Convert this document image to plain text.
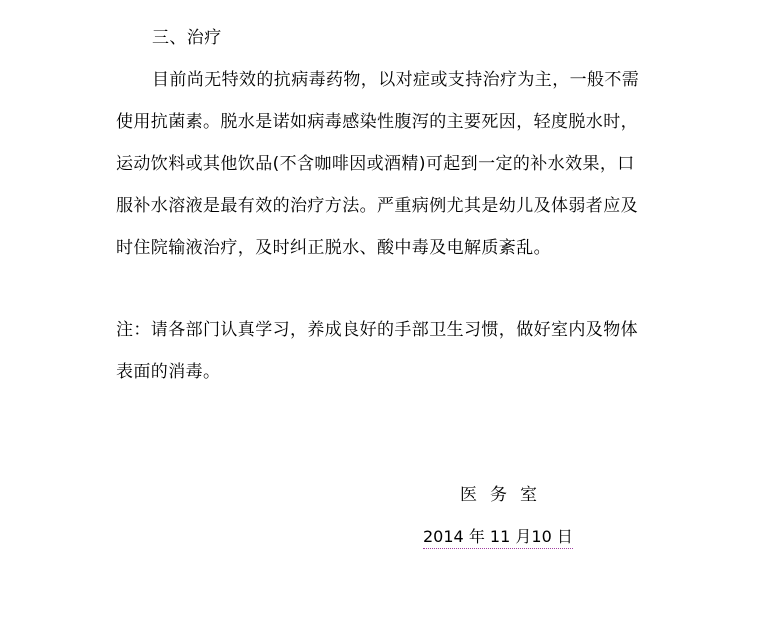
三、治疗
目前尚无特效的抗病毒药物，以对症或支持治疗为主，一般不需
使用抗菌素。脱水是诺如病毒感染性腹泻的主要死因，轻度脱水时，
运动饮料或其他饮品(不含咖啡因或酒精)可起到一定的补水效果，口
服补水溶液是最有效的治疗方法。严重病例尤其是幼儿及体弱者应及
时住院输液治疗，及时纠正脱水、酸中毒及电解质紊乱。
注：请各部门认真学习，养成良好的手部卫生习惯，做好室内及物体
表面的消毒。
医务室
2014 年 11 月10 日
